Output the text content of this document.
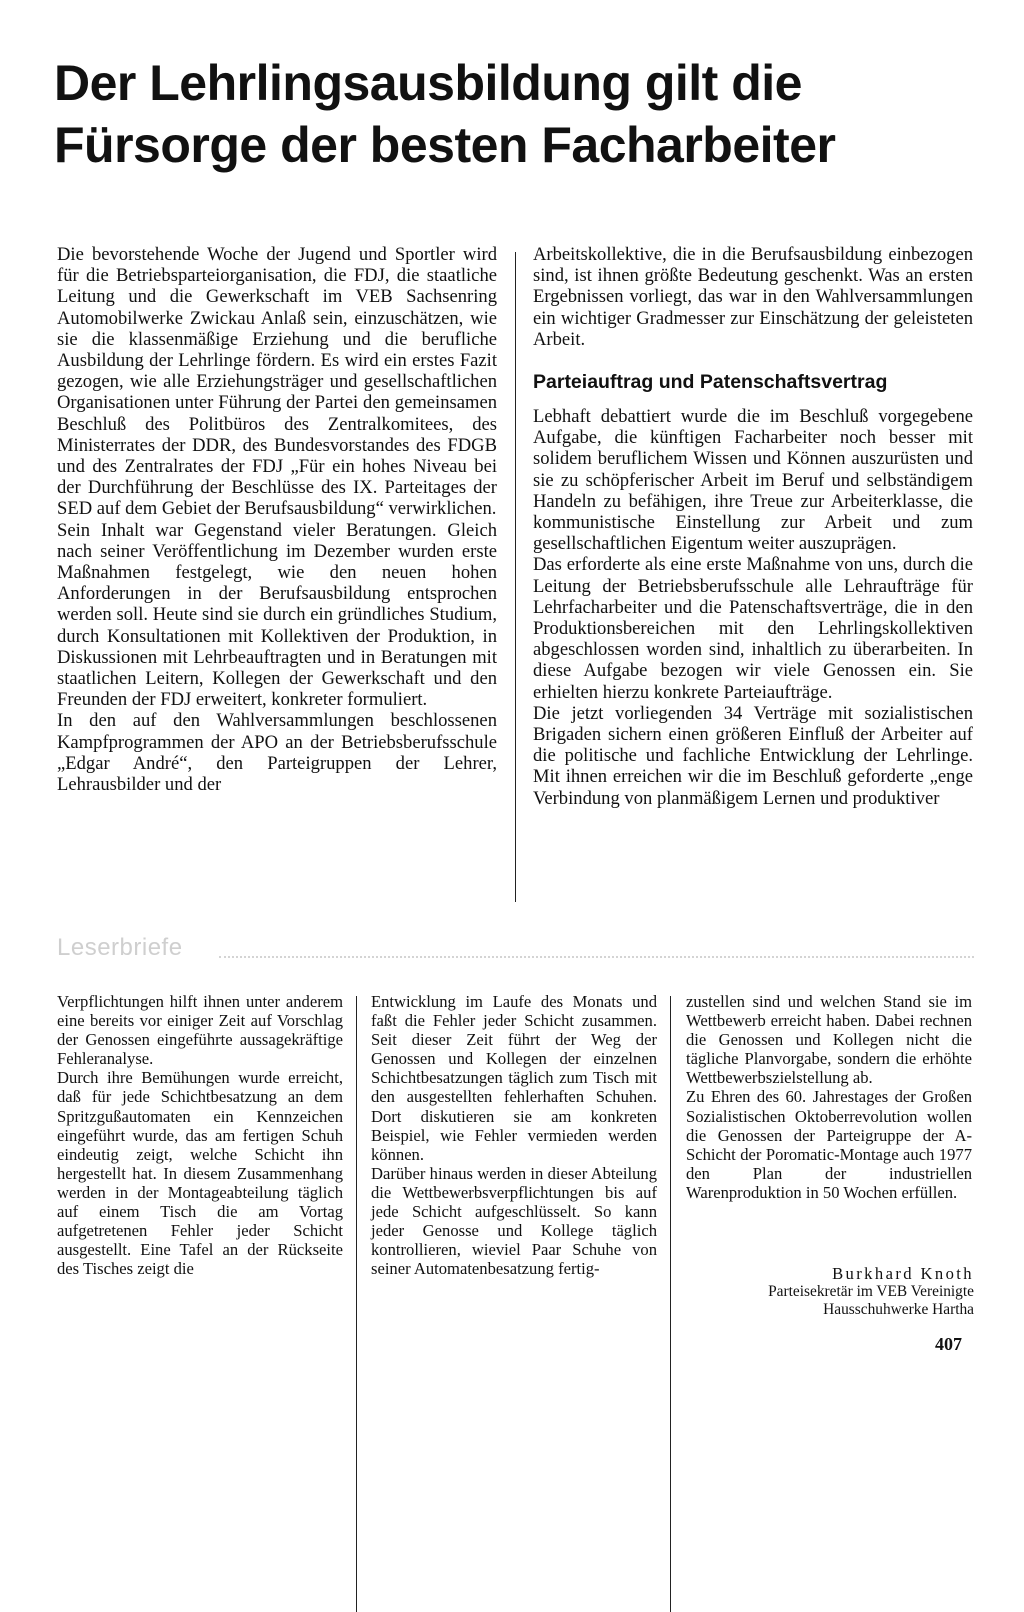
Der Lehrlingsausbildung gilt die
Fürsorge der besten Facharbeiter

Die bevorstehende Woche der Jugend und Sportler wird für die Betriebsparteiorganisation, die FDJ, die staatliche Leitung und die Gewerkschaft im VEB Sachsenring Automobilwerke Zwickau Anlaß sein, einzuschätzen, wie sie die klassenmäßige Erziehung und die berufliche Ausbildung der Lehrlinge fördern. Es wird ein erstes Fazit gezogen, wie alle Erziehungsträger und gesellschaftlichen Organisationen unter Führung der Partei den gemeinsamen Beschluß des Politbüros des Zentralkomitees, des Ministerrates der DDR, des Bundesvorstandes des FDGB und des Zentralrates der FDJ „Für ein hohes Niveau bei der Durchführung der Beschlüsse des IX. Parteitages der SED auf dem Gebiet der Berufsausbildung“ verwirklichen.

Sein Inhalt war Gegenstand vieler Beratungen. Gleich nach seiner Veröffentlichung im Dezember wurden erste Maßnahmen festgelegt, wie den neuen hohen Anforderungen in der Berufsausbildung entsprochen werden soll. Heute sind sie durch ein gründliches Studium, durch Konsultationen mit Kollektiven der Produktion, in Diskussionen mit Lehrbeauftragten und in Beratungen mit staatlichen Leitern, Kollegen der Gewerkschaft und den Freunden der FDJ erweitert, konkreter formuliert.

In den auf den Wahlversammlungen beschlossenen Kampfprogrammen der APO an der Betriebsberufsschule „Edgar André“, den Parteigruppen der Lehrer, Lehrausbilder und der

Arbeitskollektive, die in die Berufsausbildung einbezogen sind, ist ihnen größte Bedeutung geschenkt. Was an ersten Ergebnissen vorliegt, das war in den Wahlversammlungen ein wichtiger Gradmesser zur Einschätzung der geleisteten Arbeit.

Parteiauftrag und Patenschaftsvertrag

Lebhaft debattiert wurde die im Beschluß vorgegebene Aufgabe, die künftigen Facharbeiter noch besser mit solidem beruflichem Wissen und Können auszurüsten und sie zu schöpferischer Arbeit im Beruf und selbständigem Handeln zu befähigen, ihre Treue zur Arbeiterklasse, die kommunistische Einstellung zur Arbeit und zum gesellschaftlichen Eigentum weiter auszuprägen.

Das erforderte als eine erste Maßnahme von uns, durch die Leitung der Betriebsberufsschule alle Lehraufträge für Lehrfacharbeiter und die Patenschaftsverträge, die in den Produktionsbereichen mit den Lehrlingskollektiven abgeschlossen worden sind, inhaltlich zu überarbeiten. In diese Aufgabe bezogen wir viele Genossen ein. Sie erhielten hierzu konkrete Parteiaufträge.

Die jetzt vorliegenden 34 Verträge mit sozialistischen Brigaden sichern einen größeren Einfluß der Arbeiter auf die politische und fachliche Entwicklung der Lehrlinge. Mit ihnen erreichen wir die im Beschluß geforderte „enge Verbindung von planmäßigem Lernen und produktiver

Leserbriefe

Verpflichtungen hilft ihnen unter anderem eine bereits vor einiger Zeit auf Vorschlag der Genossen eingeführte aussagekräftige Fehleranalyse.

Durch ihre Bemühungen wurde erreicht, daß für jede Schichtbesatzung an dem Spritzgußautomaten ein Kennzeichen eingeführt wurde, das am fertigen Schuh eindeutig zeigt, welche Schicht ihn hergestellt hat. In diesem Zusammenhang werden in der Montageabteilung täglich auf einem Tisch die am Vortag aufgetretenen Fehler jeder Schicht ausgestellt. Eine Tafel an der Rückseite des Tisches zeigt die

Entwicklung im Laufe des Monats und faßt die Fehler jeder Schicht zusammen. Seit dieser Zeit führt der Weg der Genossen und Kollegen der einzelnen Schichtbesatzungen täglich zum Tisch mit den ausgestellten fehlerhaften Schuhen. Dort diskutieren sie am konkreten Beispiel, wie Fehler vermieden werden können.

Darüber hinaus werden in dieser Abteilung die Wettbewerbsverpflichtungen bis auf jede Schicht aufgeschlüsselt. So kann jeder Genosse und Kollege täglich kontrollieren, wieviel Paar Schuhe von seiner Automatenbesatzung fertig-

zustellen sind und welchen Stand sie im Wettbewerb erreicht haben. Dabei rechnen die Genossen und Kollegen nicht die tägliche Planvorgabe, sondern die erhöhte Wettbewerbszielstellung ab.

Zu Ehren des 60. Jahrestages der Großen Sozialistischen Oktoberrevolution wollen die Genossen der Parteigruppe der A-Schicht der Poromatic-Montage auch 1977 den Plan der industriellen Warenproduktion in 50 Wochen erfüllen.

Burkhard Knoth
Parteisekretär im VEB Vereinigte Hausschuhwerke Hartha
407
